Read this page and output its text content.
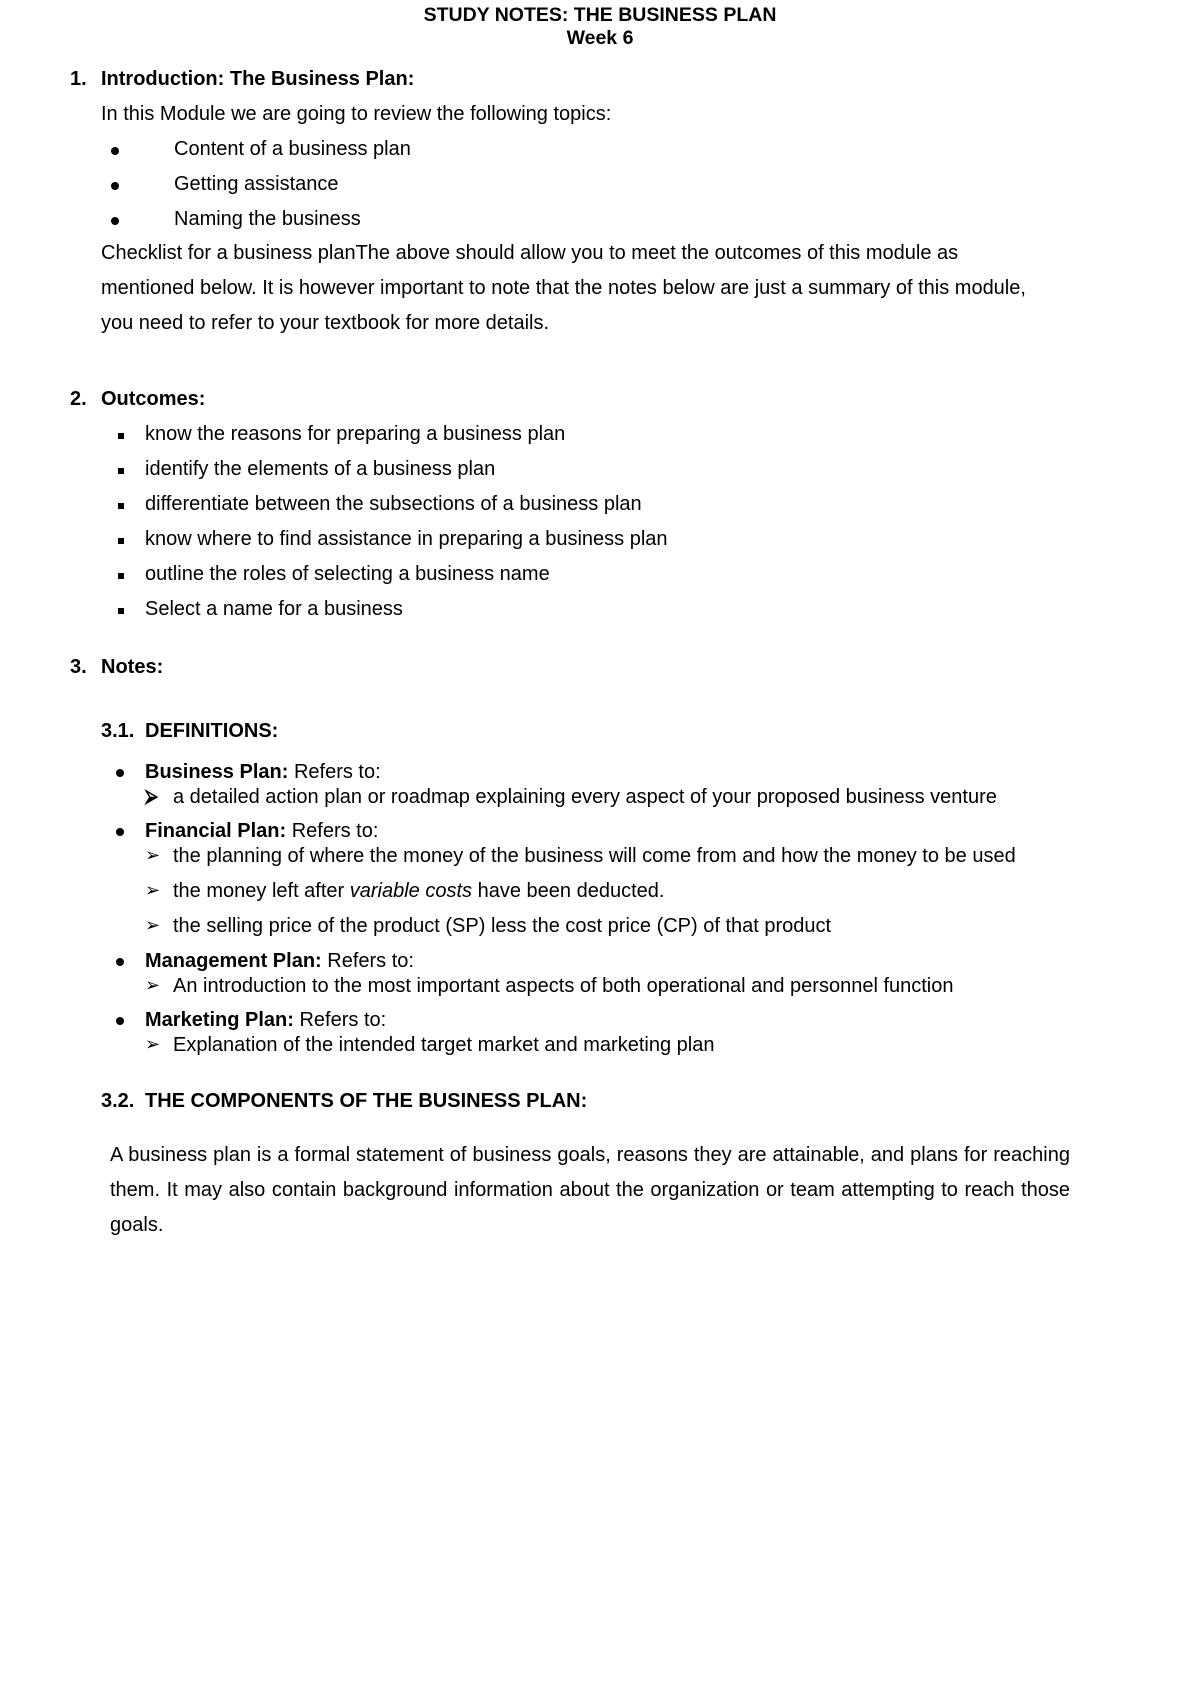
STUDY NOTES: THE BUSINESS PLAN
Week 6
1. Introduction: The Business Plan:
In this Module we are going to review the following topics:
Content of a business plan
Getting assistance
Naming the business
Checklist for a business planThe above should allow you to meet the outcomes of this module as
mentioned below. It is however important to note that the notes below are just a summary of this module,
you need to refer to your textbook for more details.
2. Outcomes:
know the reasons for preparing a business plan
identify the elements of a business plan
differentiate between the subsections of a business plan
know where to find assistance in preparing a business plan
outline the roles of selecting a business name
Select a name for a business
3. Notes:
3.1. DEFINITIONS:
Business Plan: Refers to:
⮚ a detailed action plan or roadmap explaining every aspect of your proposed business venture
Financial Plan: Refers to:
➢ the planning of where the money of the business will come from and how the money to be used
➢ the money left after variable costs have been deducted.
➢ the selling price of the product (SP) less the cost price (CP) of that product
Management Plan: Refers to:
➢ An introduction to the most important aspects of both operational and personnel function
Marketing Plan: Refers to:
➢ Explanation of the intended target market and marketing plan
3.2. THE COMPONENTS OF THE BUSINESS PLAN:
A business plan is a formal statement of business goals, reasons they are attainable, and plans for reaching them. It may also contain background information about the organization or team attempting to reach those goals.
